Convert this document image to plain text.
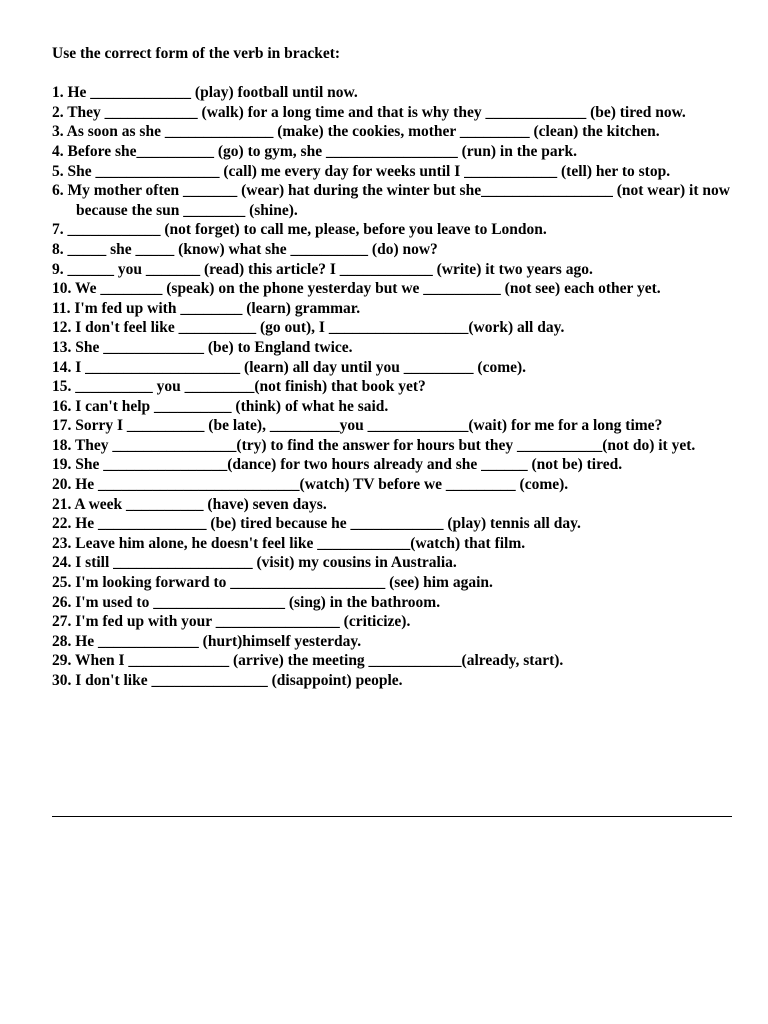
Use the correct form of the verb in bracket:

1. He _____________ (play) football until now.
2. They ____________ (walk) for a long time and that is why they _____________ (be) tired now.
3. As soon as she ______________ (make) the cookies, mother _________ (clean) the kitchen.
4. Before she__________ (go) to gym, she _________________ (run) in the park.
5. She ________________ (call) me every day for weeks until I ____________ (tell) her to stop.
6. My mother often _______ (wear) hat during the winter but she_________________ (not wear) it now because the sun ________ (shine).
7. ____________ (not forget) to call me, please, before you leave to London.
8. _____ she _____ (know) what she __________ (do) now?
9. ______ you _______ (read) this article? I ____________ (write) it two years ago.
10. We ________ (speak) on the phone yesterday but we __________ (not see) each other yet.
11. I'm fed up with ________ (learn) grammar.
12. I don't feel like __________ (go out), I __________________(work) all day.
13. She _____________ (be) to England twice.
14. I ____________________ (learn) all day until you _________ (come).
15. __________ you _________(not finish) that book yet?
16. I can't help __________ (think) of what he said.
17. Sorry I __________ (be late), _________you _____________(wait) for me for a long time?
18. They ________________(try) to find the answer for hours but they ___________(not do) it yet.
19. She ________________(dance) for two hours already and she ______ (not be) tired.
20. He __________________________(watch) TV before we _________ (come).
21. A week __________ (have) seven days.
22. He ______________ (be) tired because he ____________ (play) tennis all day.
23. Leave him alone, he doesn't feel like ____________(watch) that film.
24. I still __________________ (visit) my cousins in Australia.
25. I'm looking forward to ____________________ (see) him again.
26. I'm used to _________________ (sing) in the bathroom.
27. I'm fed up with your ________________ (criticize).
28. He _____________ (hurt)himself yesterday.
29. When I _____________ (arrive) the meeting ____________(already, start).
30. I don't like _______________ (disappoint) people.
